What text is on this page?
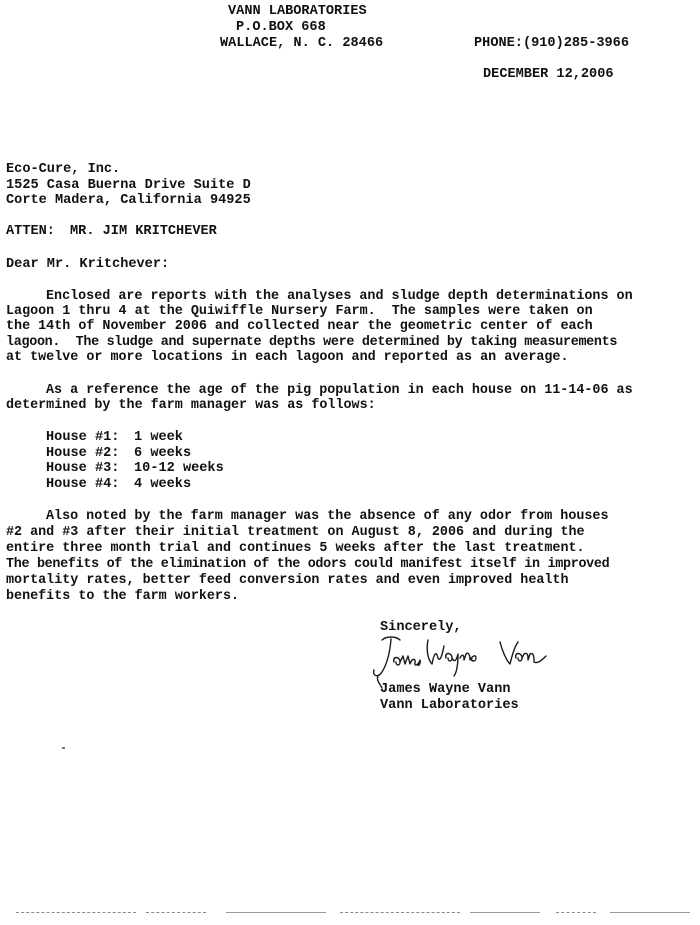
VANN LABORATORIES
P.O.BOX 668
WALLACE, N. C. 28466	PHONE:(910)285-3966
DECEMBER 12,2006
Eco-Cure, Inc.
1525 Casa Buerna Drive Suite D
Corte Madera, California 94925
ATTEN: MR. JIM KRITCHEVER
Dear Mr. Kritchever:
Enclosed are reports with the analyses and sludge depth determinations on
Lagoon 1 thru 4 at the Quiwiffle Nursery Farm.  The samples were taken on
the 14th of November 2006 and collected near the geometric center of each
lagoon.  The sludge and supernate depths were determined by taking measurements
at twelve or more locations in each lagoon and reported as an average.
As a reference the age of the pig population in each house on 11-14-06 as
determined by the farm manager was as follows:
House #1: 1 week
House #2: 6 weeks
House #3: 10-12 weeks
House #4: 4 weeks
Also noted by the farm manager was the absence of any odor from houses
#2 and #3 after their initial treatment on August 8, 2006 and during the
entire three month trial and continues 5 weeks after the last treatment.
The benefits of the elimination of the odors could manifest itself in improved
mortality rates, better feed conversion rates and even improved health
benefits to the farm workers.
Sincerely,
James Wayne Vann
Vann Laboratories
